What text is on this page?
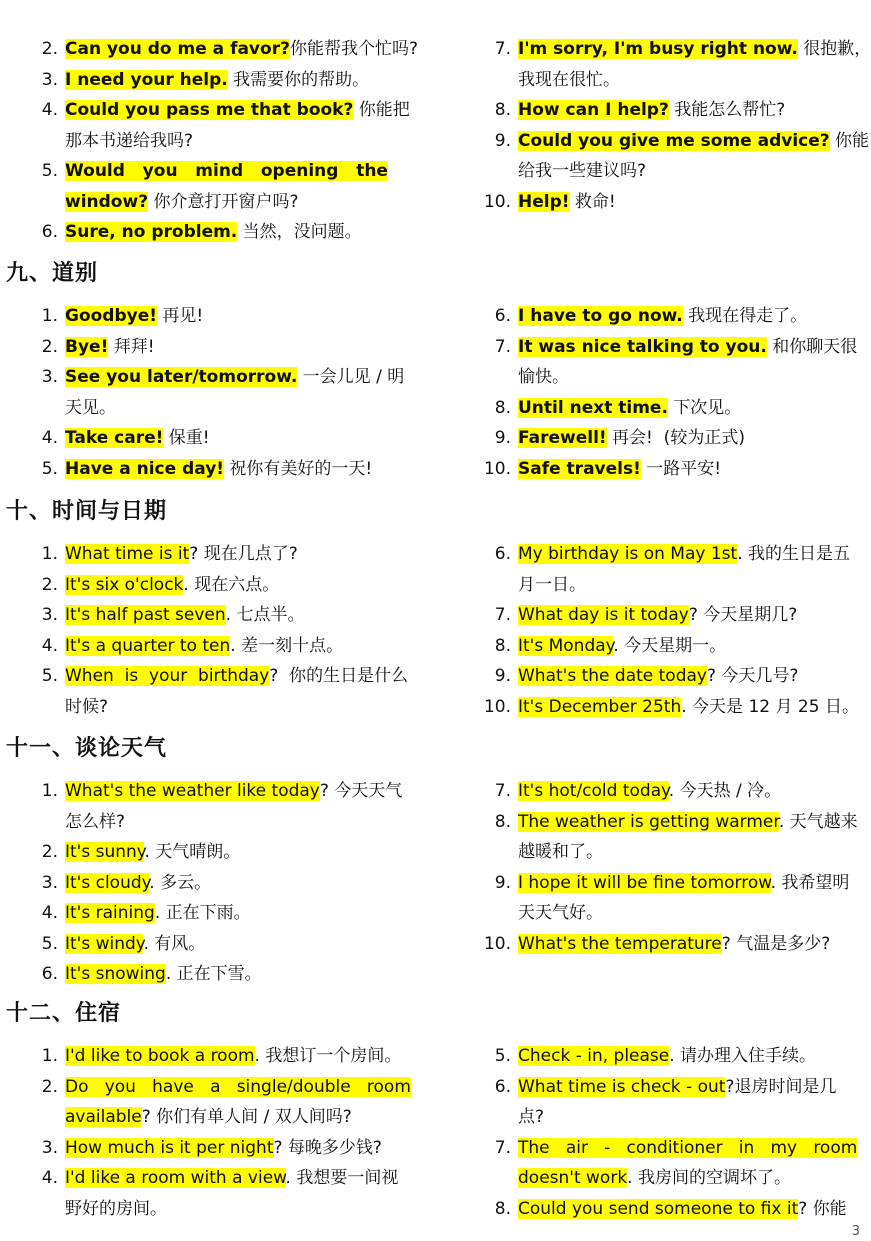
2. Can you do me a favor?你能帮我个忙吗?
3. I need your help. 我需要你的帮助。
4. Could you pass me that book? 你能把
那本书递给我吗?
5. Would   you   mind   opening   the
window? 你介意打开窗户吗?
6. Sure, no problem. 当然，没问题。
7. I'm sorry, I'm busy right now. 很抱歉，
我现在很忙。
8. How can I help? 我能怎么帮忙?
9. Could you give me some advice? 你能
给我一些建议吗?
10. Help! 救命!
九、道别
1. Goodbye! 再见!
2. Bye! 拜拜!
3. See you later/tomorrow. 一会儿见 / 明
天见。
4. Take care! 保重!
5. Have a nice day! 祝你有美好的一天!
6. I have to go now. 我现在得走了。
7. It was nice talking to you. 和你聊天很
愉快。
8. Until next time. 下次见。
9. Farewell! 再会!  (较为正式)
10. Safe travels! 一路平安!
十、时间与日期
1. What time is it? 现在几点了?
2. It's six o'clock. 现在六点。
3. It's half past seven. 七点半。
4. It's a quarter to ten. 差一刻十点。
5. When  is  your  birthday?  你的生日是什么
时候?
6. My birthday is on May 1st. 我的生日是五
月一日。
7. What day is it today? 今天星期几?
8. It's Monday. 今天星期一。
9. What's the date today? 今天几号?
10. It's December 25th. 今天是 12 月 25 日。
十一、谈论天气
1. What's the weather like today? 今天天气
怎么样?
2. It's sunny. 天气晴朗。
3. It's cloudy. 多云。
4. It's raining. 正在下雨。
5. It's windy. 有风。
6. It's snowing. 正在下雪。
7. It's hot/cold today. 今天热 / 冷。
8. The weather is getting warmer. 天气越来
越暖和了。
9. I hope it will be fine tomorrow. 我希望明
天天气好。
10. What's the temperature? 气温是多少?
十二、住宿
1. I'd like to book a room. 我想订一个房间。
2. Do   you   have   a   single/double   room
available? 你们有单人间 / 双人间吗?
3. How much is it per night? 每晚多少钱?
4. I'd like a room with a view. 我想要一间视
野好的房间。
5. Check - in, please. 请办理入住手续。
6. What time is check - out?退房时间是几
点?
7. The   air   -   conditioner   in   my   room
doesn't work. 我房间的空调坏了。
8. Could you send someone to fix it? 你能
3
